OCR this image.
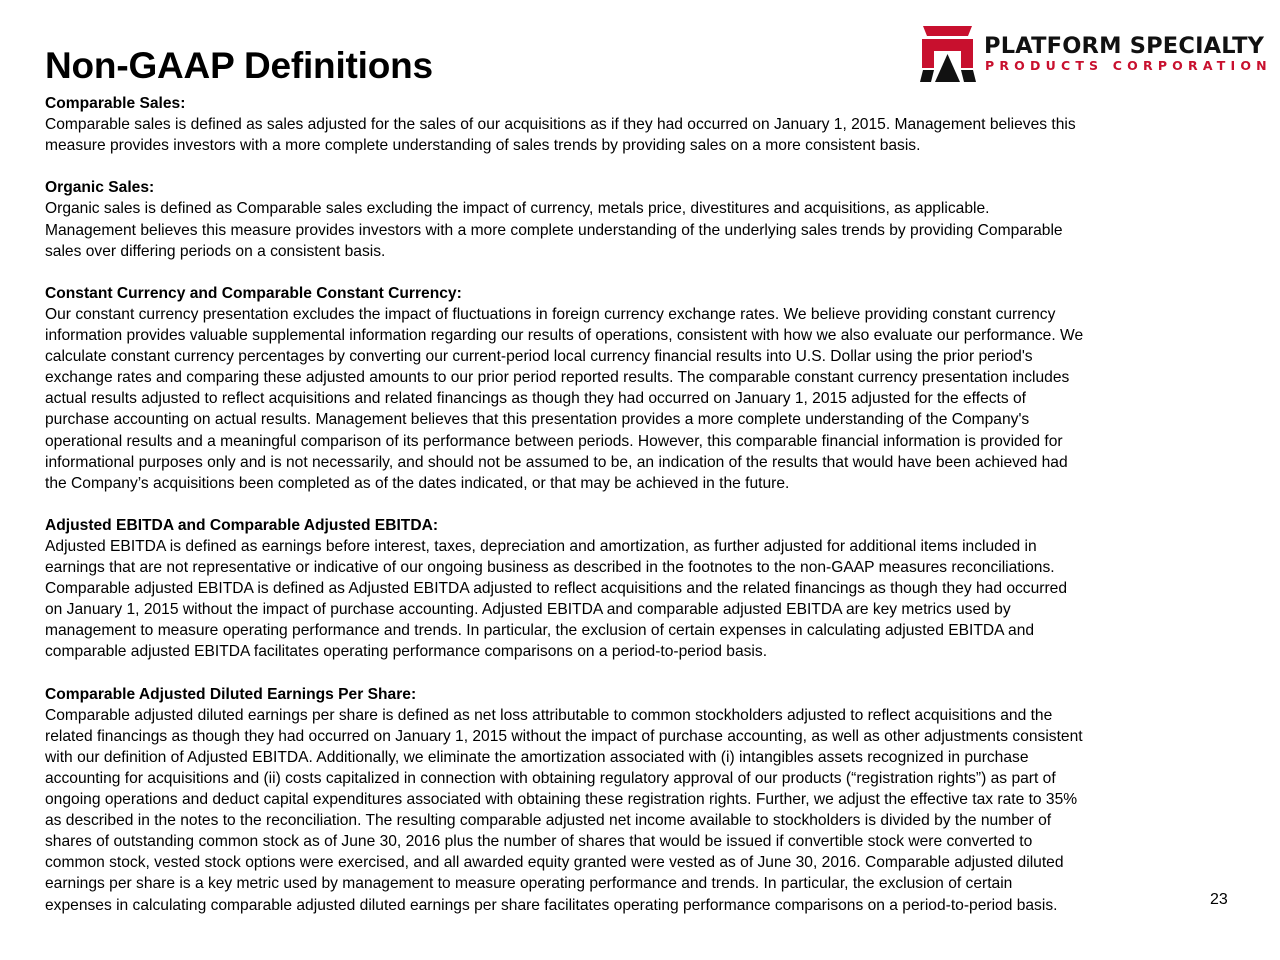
Non-GAAP Definitions	PLATFORM SPECIALTY
PRODUCTS CORPORATION

Comparable Sales:

Comparable sales is defined as sales adjusted for the sales of our acquisitions as if they had occurred on January 1, 2015. Management believes this
measure provides investors with a more complete understanding of sales trends by providing sales on a more consistent basis.

Organic Sales:

Organic sales is defined as Comparable sales excluding the impact of currency, metals price, divestitures and acquisitions, as applicable.
Management believes this measure provides investors with a more complete understanding of the underlying sales trends by providing Comparable
sales over differing periods on a consistent basis.

Constant Currency and Comparable Constant Currency:

Our constant currency presentation excludes the impact of fluctuations in foreign currency exchange rates. We believe providing constant currency
information provides valuable supplemental information regarding our results of operations, consistent with how we also evaluate our performance. We
calculate constant currency percentages by converting our current-period local currency financial results into U.S. Dollar using the prior period's
exchange rates and comparing these adjusted amounts to our prior period reported results. The comparable constant currency presentation includes
actual results adjusted to reflect acquisitions and related financings as though they had occurred on January 1, 2015 adjusted for the effects of
purchase accounting on actual results. Management believes that this presentation provides a more complete understanding of the Company's
operational results and a meaningful comparison of its performance between periods. However, this comparable financial information is provided for
informational purposes only and is not necessarily, and should not be assumed to be, an indication of the results that would have been achieved had
the Company’s acquisitions been completed as of the dates indicated, or that may be achieved in the future.

Adjusted EBITDA and Comparable Adjusted EBITDA:

Adjusted EBITDA is defined as earnings before interest, taxes, depreciation and amortization, as further adjusted for additional items included in
earnings that are not representative or indicative of our ongoing business as described in the footnotes to the non-GAAP measures reconciliations.
Comparable adjusted EBITDA is defined as Adjusted EBITDA adjusted to reflect acquisitions and the related financings as though they had occurred
on January 1, 2015 without the impact of purchase accounting. Adjusted EBITDA and comparable adjusted EBITDA are key metrics used by
management to measure operating performance and trends. In particular, the exclusion of certain expenses in calculating adjusted EBITDA and
comparable adjusted EBITDA facilitates operating performance comparisons on a period-to-period basis.

Comparable Adjusted Diluted Earnings Per Share:

Comparable adjusted diluted earnings per share is defined as net loss attributable to common stockholders adjusted to reflect acquisitions and the
related financings as though they had occurred on January 1, 2015 without the impact of purchase accounting, as well as other adjustments consistent
with our definition of Adjusted EBITDA. Additionally, we eliminate the amortization associated with (i) intangibles assets recognized in purchase
accounting for acquisitions and (ii) costs capitalized in connection with obtaining regulatory approval of our products (“registration rights”) as part of
ongoing operations and deduct capital expenditures associated with obtaining these registration rights. Further, we adjust the effective tax rate to 35%
as described in the notes to the reconciliation. The resulting comparable adjusted net income available to stockholders is divided by the number of
shares of outstanding common stock as of June 30, 2016 plus the number of shares that would be issued if convertible stock were converted to
common stock, vested stock options were exercised, and all awarded equity granted were vested as of June 30, 2016. Comparable adjusted diluted
earnings per share is a key metric used by management to measure operating performance and trends. In particular, the exclusion of certain
expenses in calculating comparable adjusted diluted earnings per share facilitates operating performance comparisons on a period-to-period basis.	23
